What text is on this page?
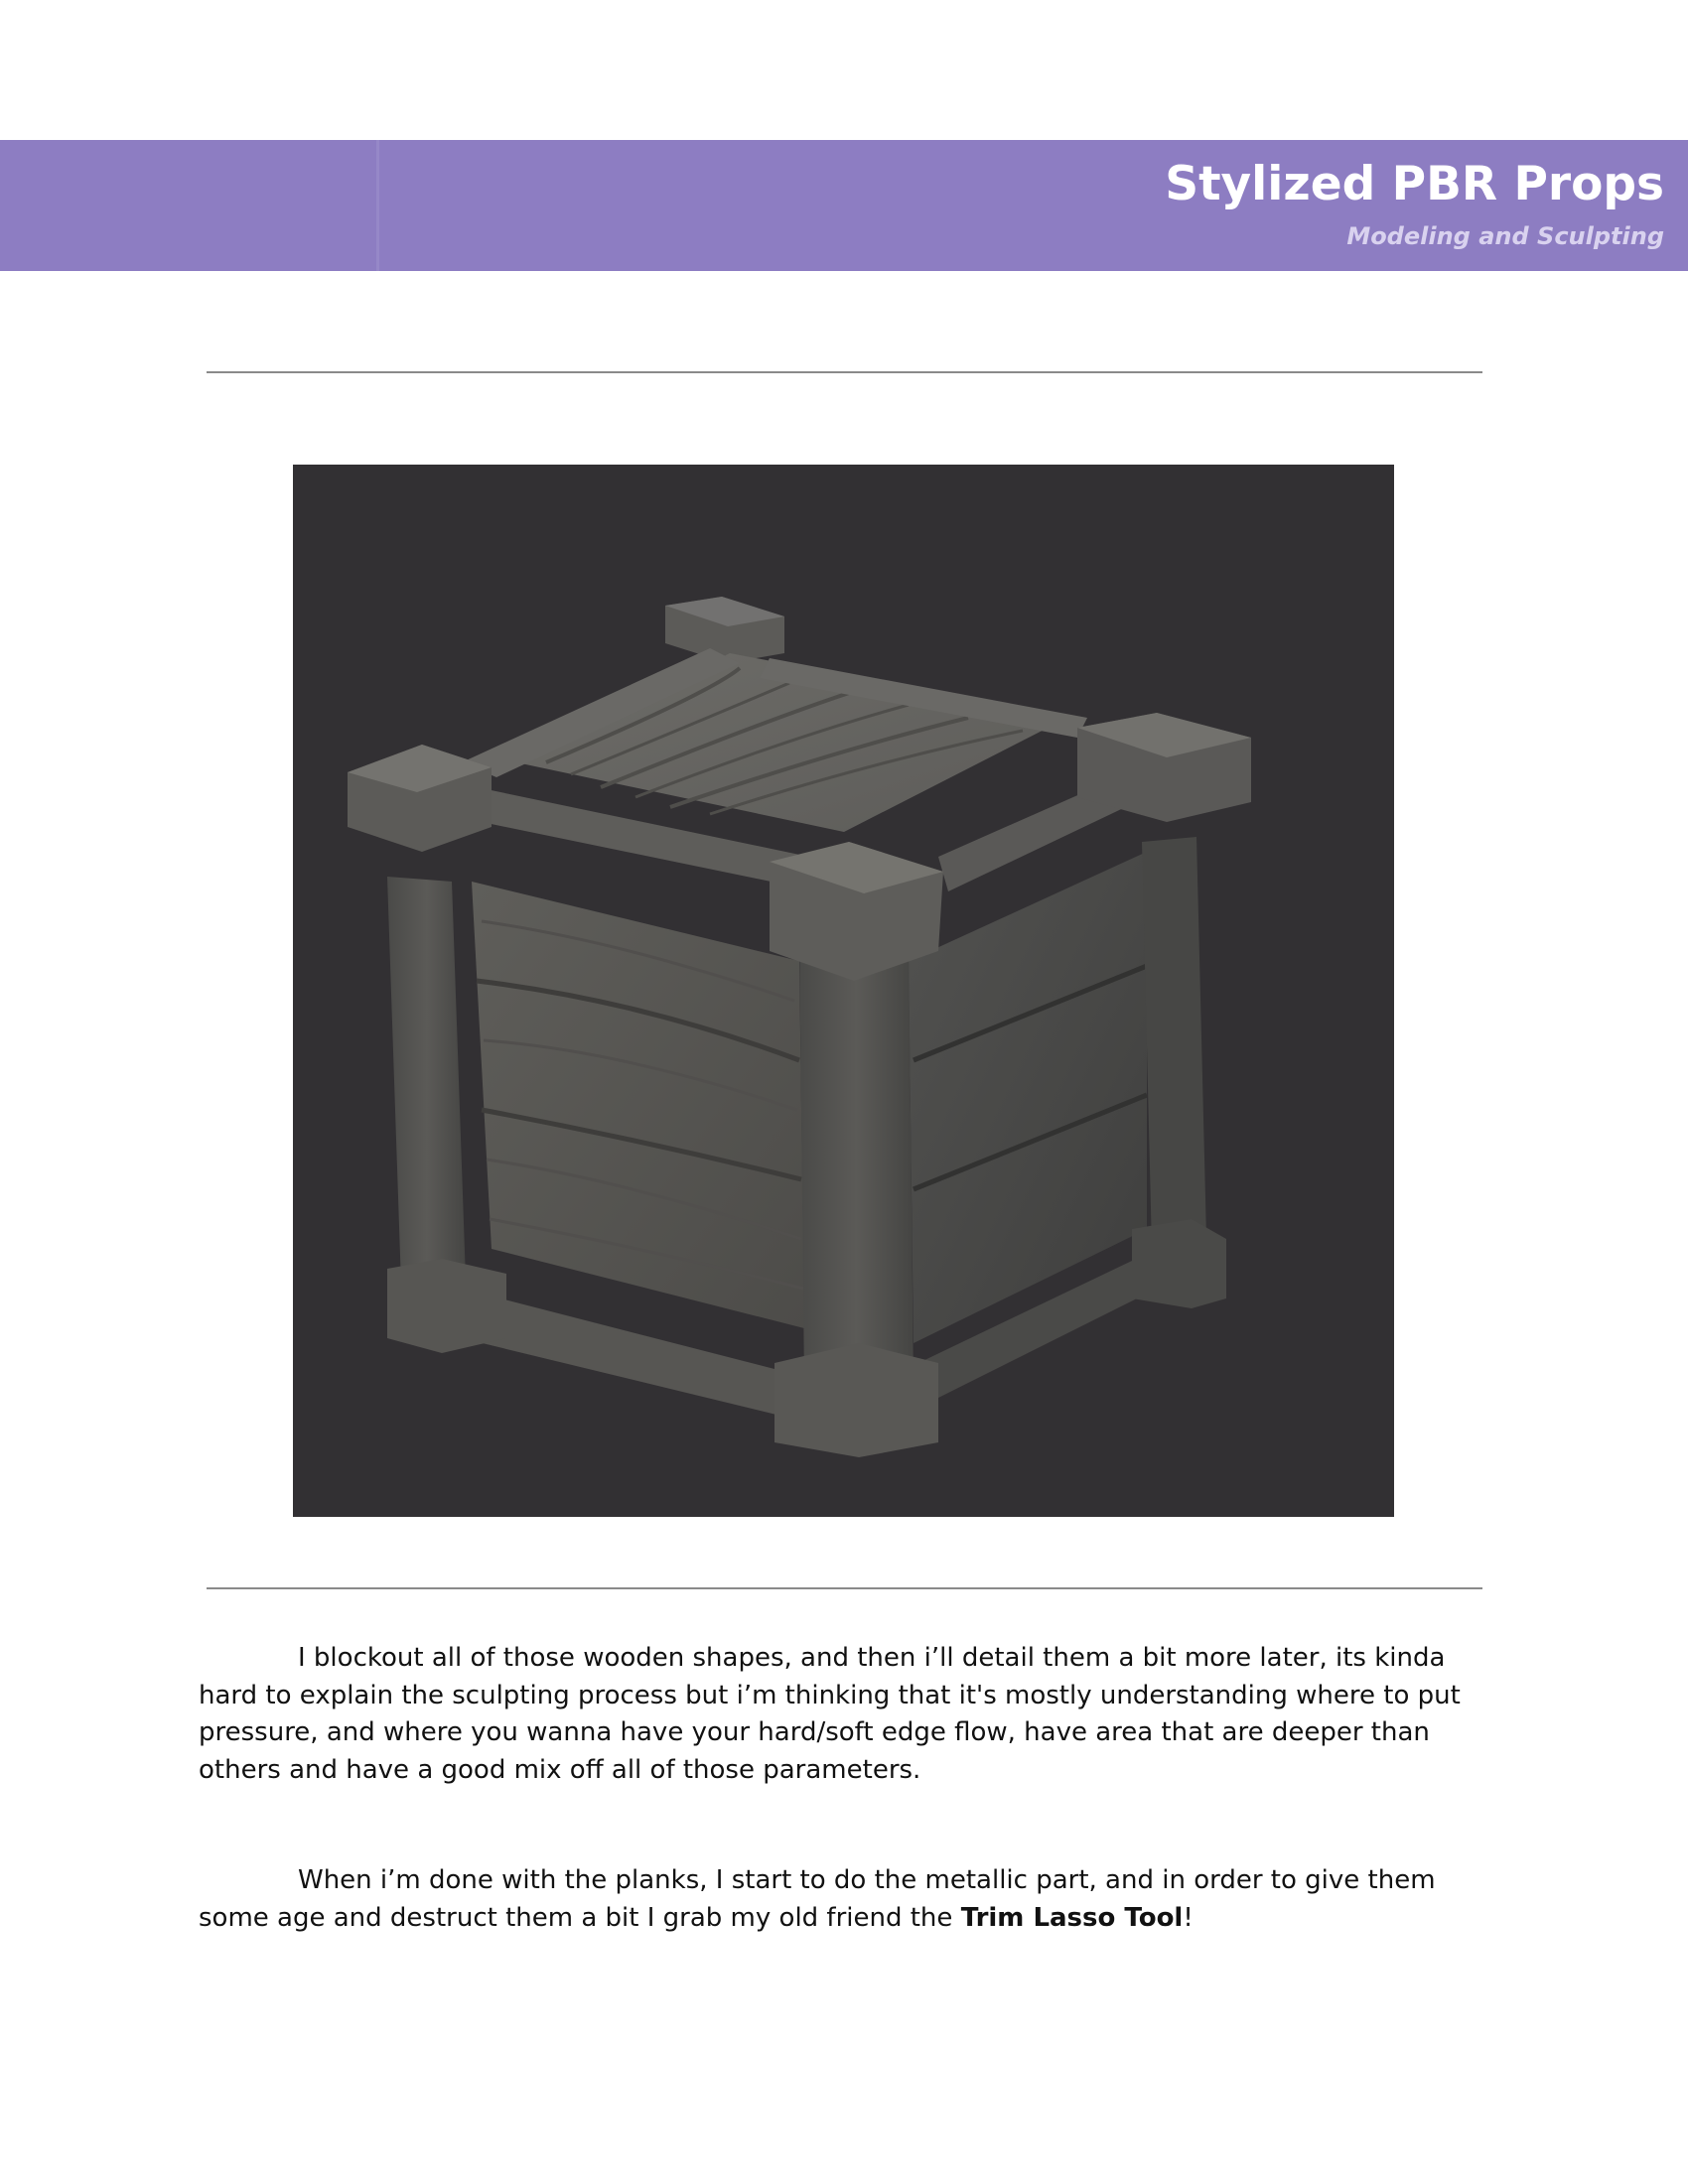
Stylized PBR Props
Modeling and Sculpting

I blockout all of those wooden shapes, and then i’ll detail them a bit more later, its kinda hard to explain the sculpting process but i’m thinking that it's mostly understanding where to put pressure, and where you wanna have your hard/soft edge flow, have area that are deeper than others and have a good mix off all of those parameters.

When i’m done with the planks, I start to do the metallic part, and in order to give them some age and destruct them a bit I grab my old friend the Trim Lasso Tool!
